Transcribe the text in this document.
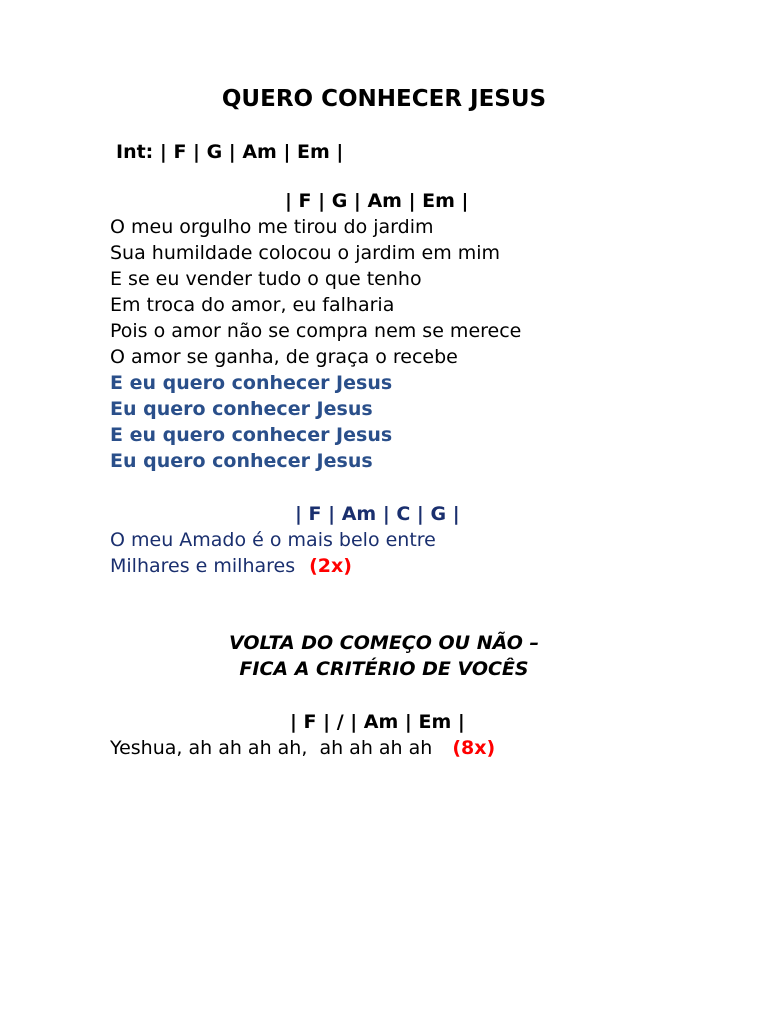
QUERO CONHECER JESUS
Int: | F | G | Am | Em |
| F | G | Am | Em |
O meu orgulho me tirou do jardim
Sua humildade colocou o jardim em mim
E se eu vender tudo o que tenho
Em troca do amor, eu falharia
Pois o amor não se compra nem se merece
O amor se ganha, de graça o recebe
E eu quero conhecer Jesus
Eu quero conhecer Jesus
E eu quero conhecer Jesus
Eu quero conhecer Jesus
| F | Am | C | G |
O meu Amado é o mais belo entre
Milhares e milhares (2x)
VOLTA DO COMEÇO OU NÃO –
FICA A CRITÉRIO DE VOCÊS
| F | / | Am | Em |
Yeshua, ah ah ah ah,  ah ah ah ah (8x)
